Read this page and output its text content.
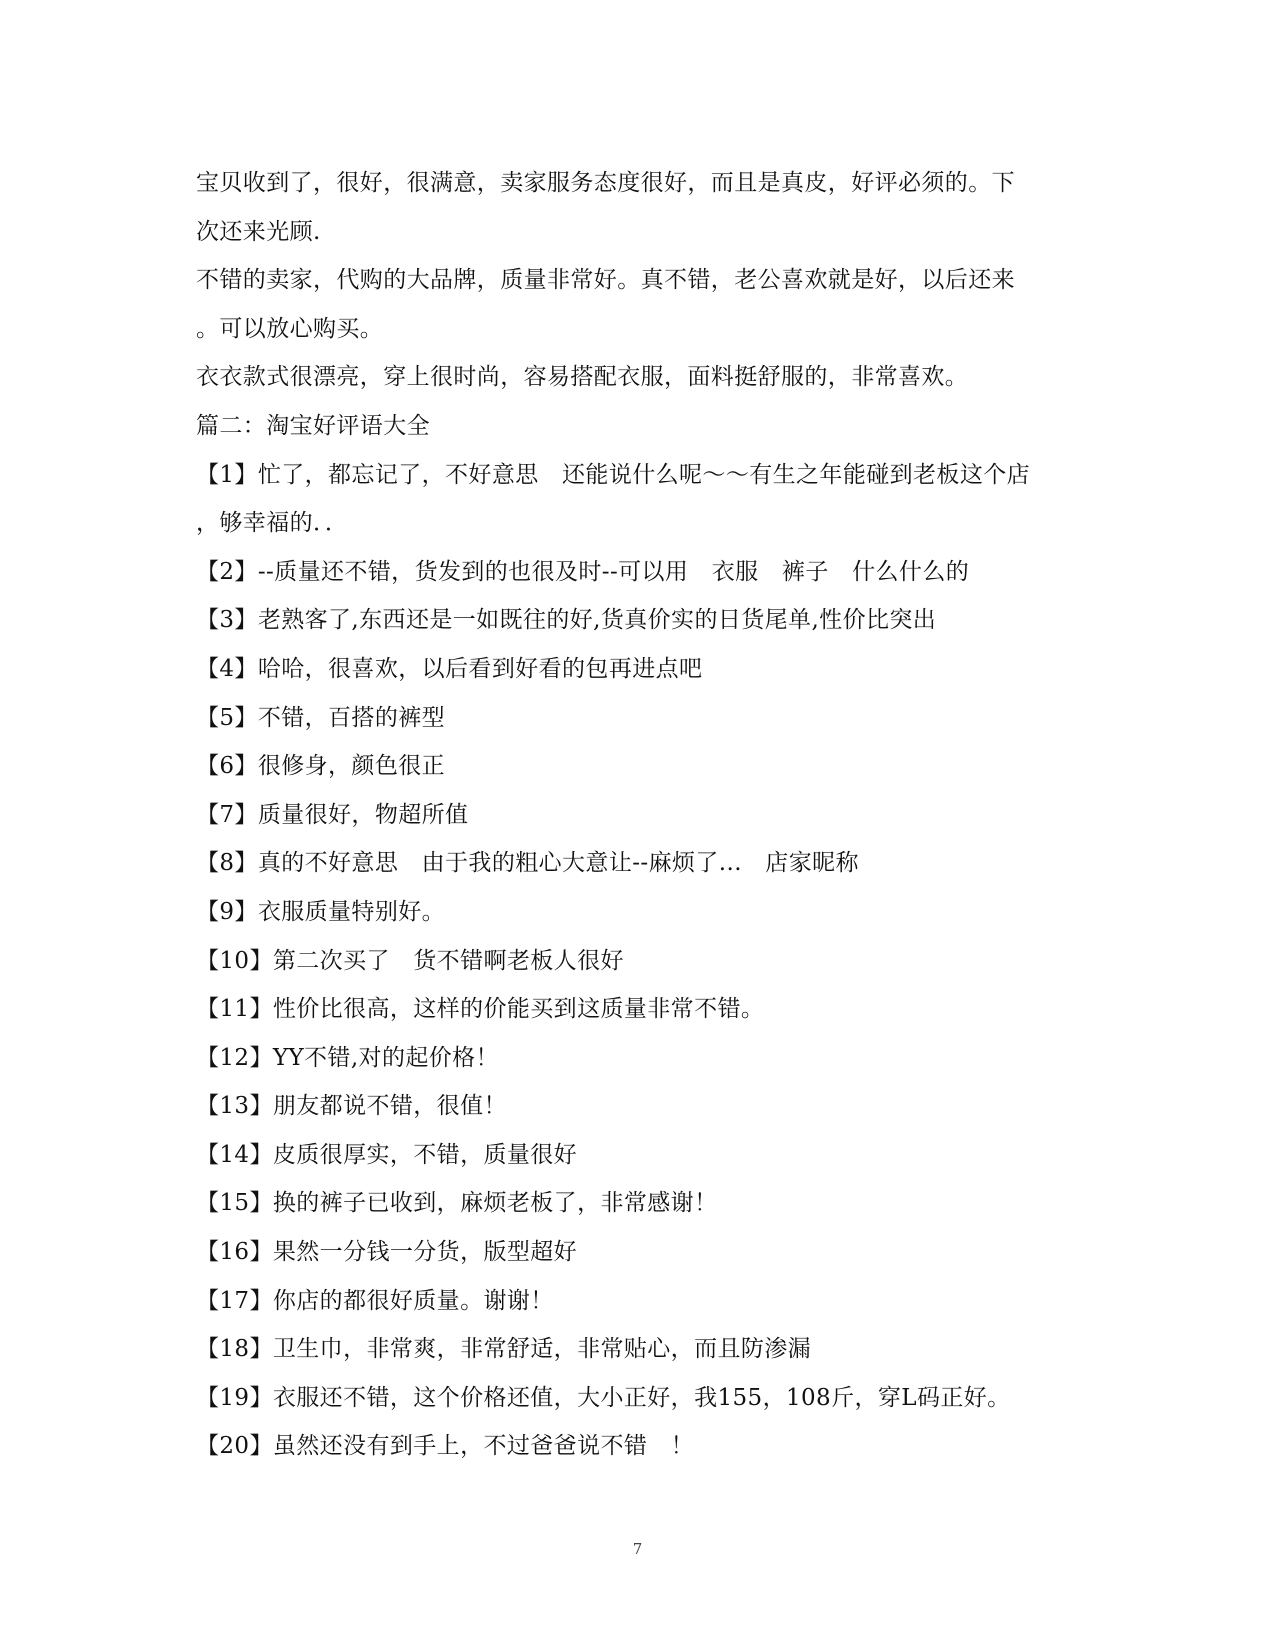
宝贝收到了，很好，很满意，卖家服务态度很好，而且是真皮，好评必须的。下
次还来光顾.
不错的卖家，代购的大品牌，质量非常好。真不错，老公喜欢就是好，以后还来
。可以放心购买。
衣衣款式很漂亮，穿上很时尚，容易搭配衣服，面料挺舒服的，非常喜欢。
篇二：淘宝好评语大全
【1】忙了，都忘记了，不好意思　还能说什么呢～～有生之年能碰到老板这个店
，够幸福的．．
【2】--质量还不错，货发到的也很及时--可以用　衣服　裤子　什么什么的
【3】老熟客了,东西还是一如既往的好,货真价实的日货尾单,性价比突出
【4】哈哈，很喜欢，以后看到好看的包再进点吧
【5】不错，百搭的裤型
【6】很修身，颜色很正
【7】质量很好，物超所值
【8】真的不好意思　由于我的粗心大意让--麻烦了...　店家昵称
【9】衣服质量特别好。
【10】第二次买了　货不错啊老板人很好
【11】性价比很高，这样的价能买到这质量非常不错。
【12】YY不错,对的起价格！
【13】朋友都说不错，很值！
【14】皮质很厚实，不错，质量很好
【15】换的裤子已收到，麻烦老板了，非常感谢！
【16】果然一分钱一分货，版型超好
【17】你店的都很好质量。谢谢！
【18】卫生巾，非常爽，非常舒适，非常贴心，而且防渗漏
【19】衣服还不错，这个价格还值，大小正好，我155，108斤，穿L码正好。
【20】虽然还没有到手上，不过爸爸说不错　！
7
